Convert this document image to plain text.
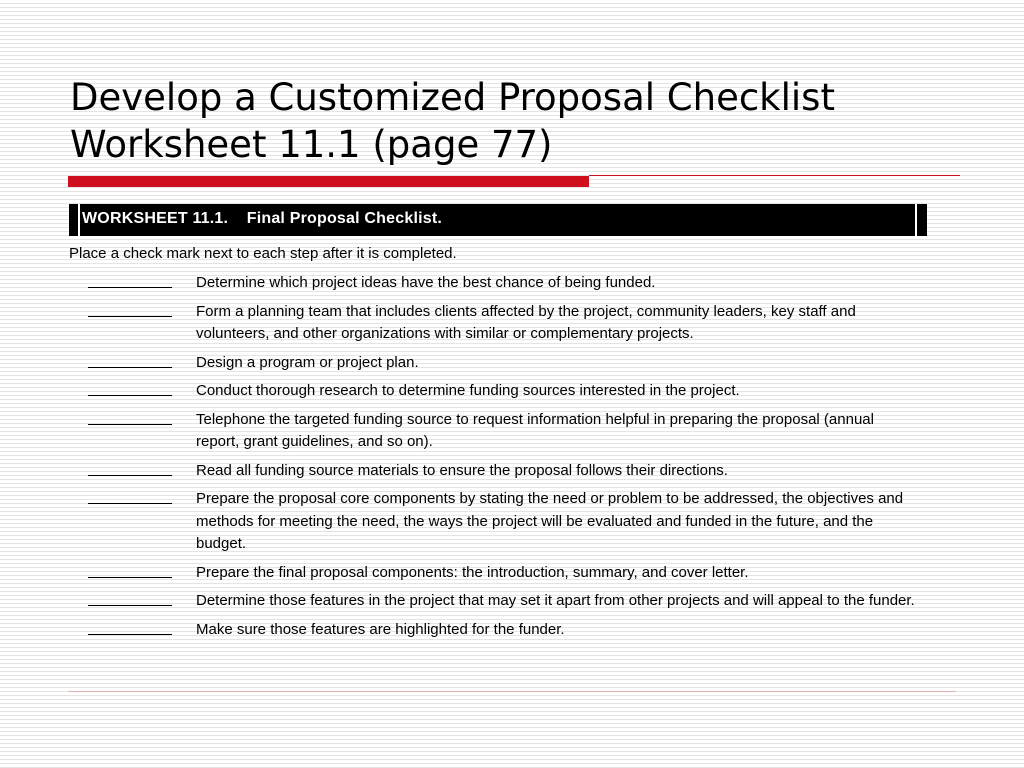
Develop a Customized Proposal Checklist
Worksheet 11.1 (page 77)
WORKSHEET 11.1.    Final Proposal Checklist.
Place a check mark next to each step after it is completed.
Determine which project ideas have the best chance of being funded.
Form a planning team that includes clients affected by the project, community leaders, key staff and volunteers, and other organizations with similar or complementary projects.
Design a program or project plan.
Conduct thorough research to determine funding sources interested in the project.
Telephone the targeted funding source to request information helpful in preparing the proposal (annual report, grant guidelines, and so on).
Read all funding source materials to ensure the proposal follows their directions.
Prepare the proposal core components by stating the need or problem to be addressed, the objectives and methods for meeting the need, the ways the project will be evaluated and funded in the future, and the budget.
Prepare the final proposal components: the introduction, summary, and cover letter.
Determine those features in the project that may set it apart from other projects and will appeal to the funder.
Make sure those features are highlighted for the funder.
